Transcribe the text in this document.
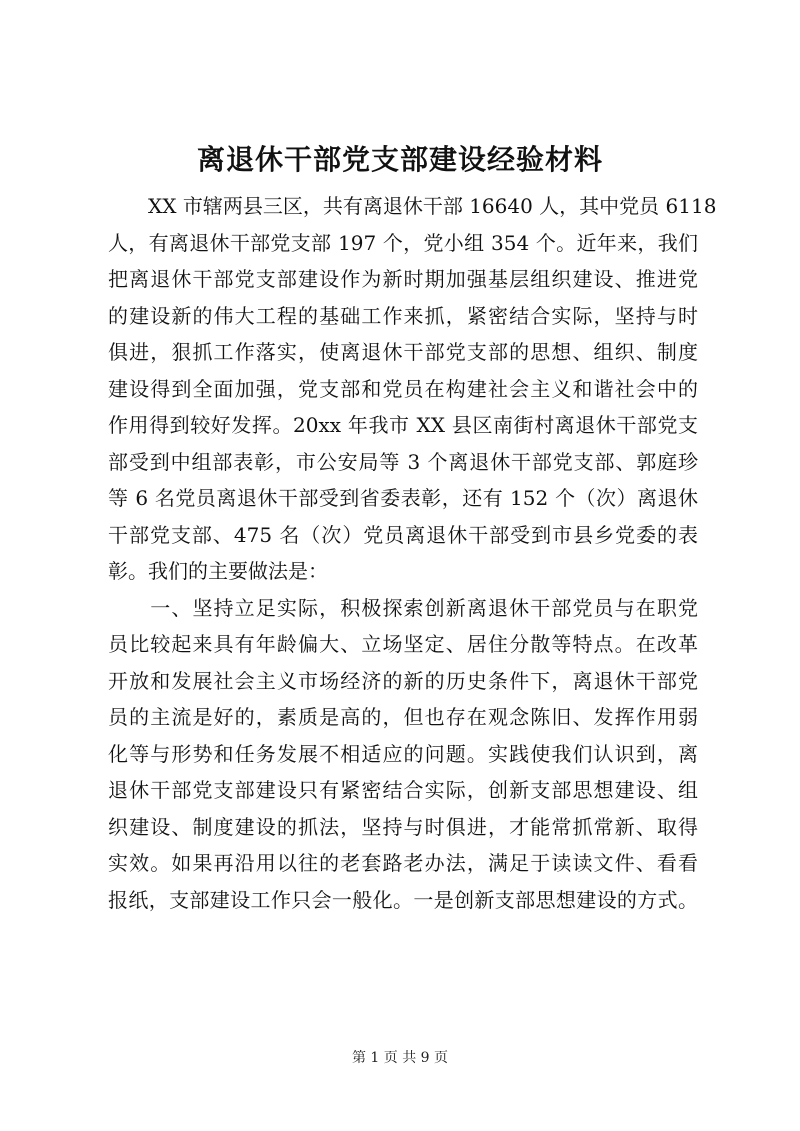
离退休干部党支部建设经验材料
　　XX 市辖两县三区，共有离退休干部 16640 人，其中党员 6118
人，有离退休干部党支部 197 个，党小组 354 个。近年来，我们
把离退休干部党支部建设作为新时期加强基层组织建设、推进党
的建设新的伟大工程的基础工作来抓，紧密结合实际，坚持与时
俱进，狠抓工作落实，使离退休干部党支部的思想、组织、制度
建设得到全面加强，党支部和党员在构建社会主义和谐社会中的
作用得到较好发挥。20xx 年我市 XX 县区南街村离退休干部党支
部受到中组部表彰，市公安局等 3 个离退休干部党支部、郭庭珍
等 6 名党员离退休干部受到省委表彰，还有 152 个（次）离退休
干部党支部、475 名（次）党员离退休干部受到市县乡党委的表
彰。我们的主要做法是：
　　一、坚持立足实际，积极探索创新离退休干部党员与在职党
员比较起来具有年龄偏大、立场坚定、居住分散等特点。在改革
开放和发展社会主义市场经济的新的历史条件下，离退休干部党
员的主流是好的，素质是高的，但也存在观念陈旧、发挥作用弱
化等与形势和任务发展不相适应的问题。实践使我们认识到，离
退休干部党支部建设只有紧密结合实际，创新支部思想建设、组
织建设、制度建设的抓法，坚持与时俱进，才能常抓常新、取得
实效。如果再沿用以往的老套路老办法，满足于读读文件、看看
报纸，支部建设工作只会一般化。一是创新支部思想建设的方式。
第 1 页 共 9 页
